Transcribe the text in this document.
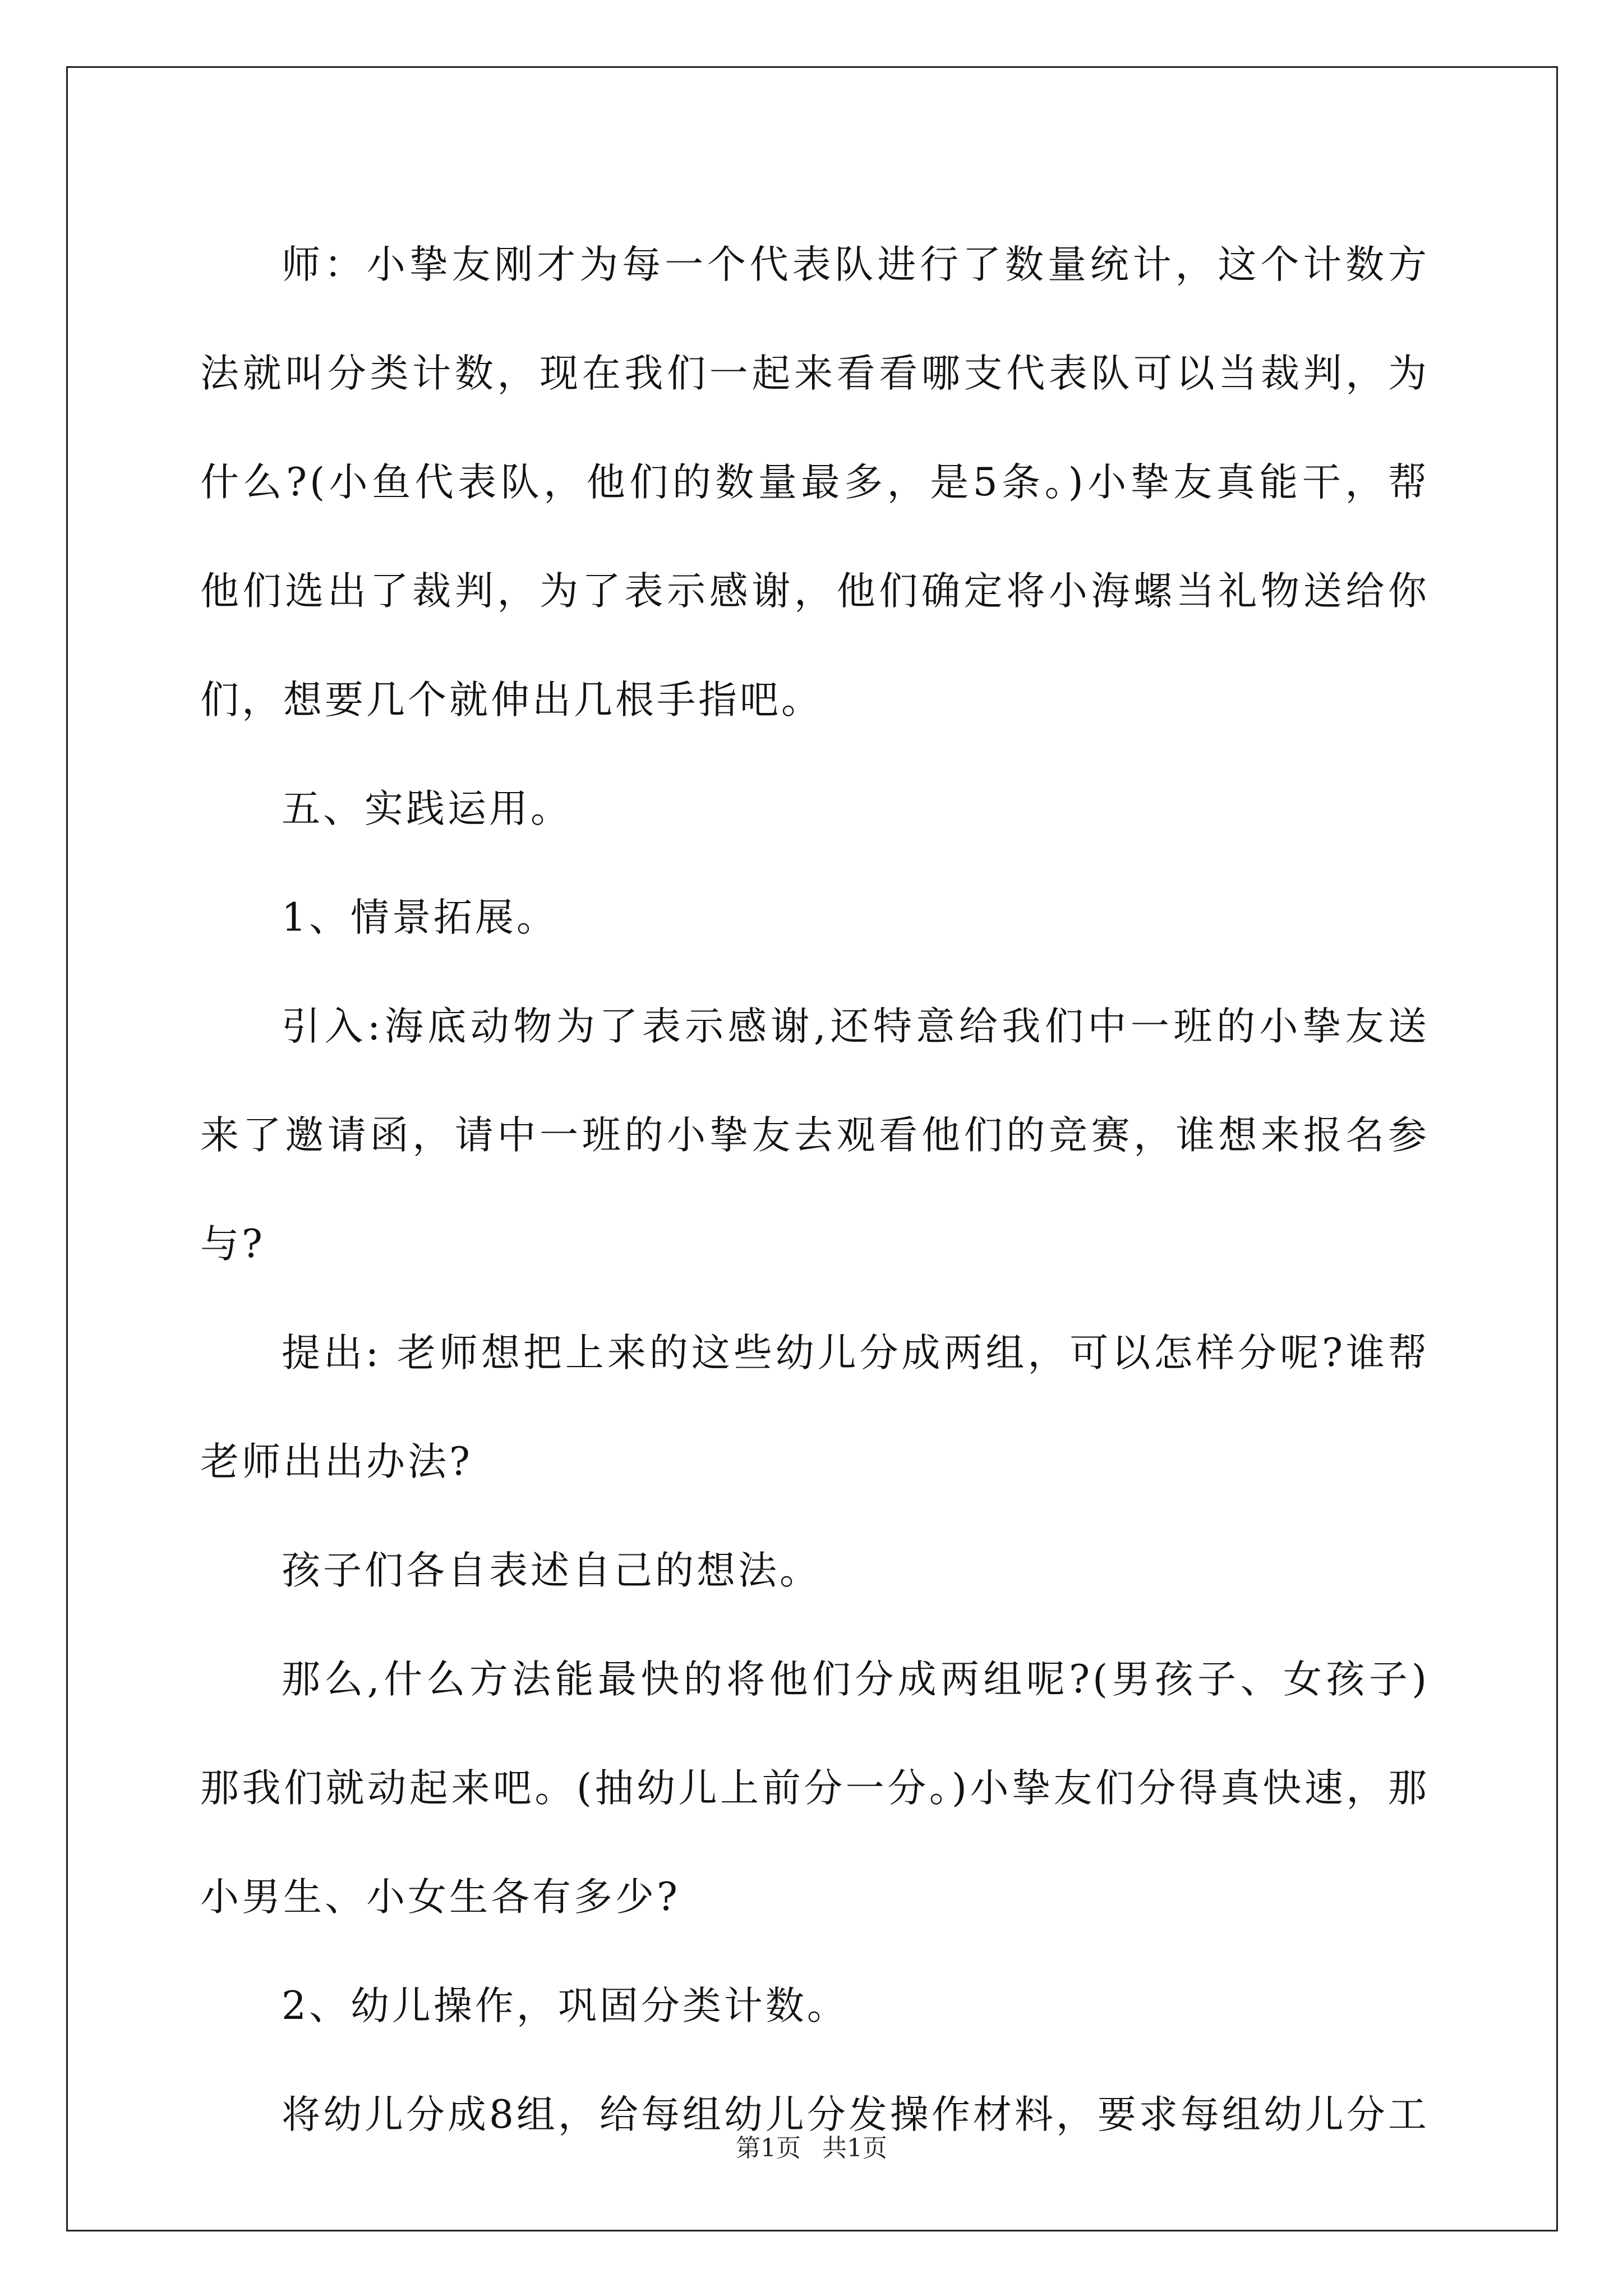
师：小挚友刚才为每一个代表队进行了数量统计，这个计数方法就叫分类计数，现在我们一起来看看哪支代表队可以当裁判，为什么?(小鱼代表队，他们的数量最多，是5条。)小挚友真能干，帮他们选出了裁判，为了表示感谢，他们确定将小海螺当礼物送给你们，想要几个就伸出几根手指吧。

五、实践运用。

1、情景拓展。

引入:海底动物为了表示感谢,还特意给我们中一班的小挚友送来了邀请函，请中一班的小挚友去观看他们的竞赛，谁想来报名参与?

提出: 老师想把上来的这些幼儿分成两组，可以怎样分呢?谁帮老师出出办法?

孩子们各自表述自己的想法。

那么,什么方法能最快的将他们分成两组呢?(男孩子、女孩子)那我们就动起来吧。(抽幼儿上前分一分。)小挚友们分得真快速，那小男生、小女生各有多少?

2、幼儿操作，巩固分类计数。

将幼儿分成8组，给每组幼儿分发操作材料，要求每组幼儿分工

第1页 共1页
